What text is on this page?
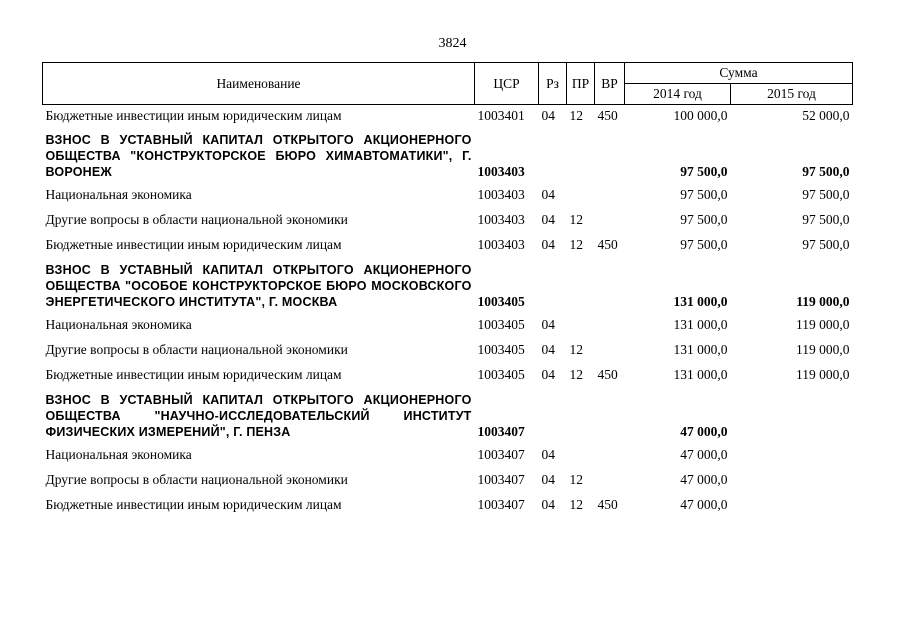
3824
Наименование	ЦСР	Рз	ПР	ВР	Сумма	
					2014 год	2015 год
Бюджетные инвестиции иным юридическим лицам	1003401	04	12	450	100 000,0	52 000,0
ВЗНОС В УСТАВНЫЙ КАПИТАЛ ОТКРЫТОГО АКЦИОНЕРНОГО ОБЩЕСТВА "КОНСТРУКТОРСКОЕ БЮРО ХИМАВТОМАТИКИ", Г. ВОРОНЕЖ	1003403				97 500,0	97 500,0
Национальная экономика	1003403	04			97 500,0	97 500,0
Другие вопросы в области национальной экономики	1003403	04	12		97 500,0	97 500,0
Бюджетные инвестиции иным юридическим лицам	1003403	04	12	450	97 500,0	97 500,0
ВЗНОС В УСТАВНЫЙ КАПИТАЛ ОТКРЫТОГО АКЦИОНЕРНОГО ОБЩЕСТВА "ОСОБОЕ КОНСТРУКТОРСКОЕ БЮРО МОСКОВСКОГО ЭНЕРГЕТИЧЕСКОГО ИНСТИТУТА", Г. МОСКВА	1003405				131 000,0	119 000,0
Национальная экономика	1003405	04			131 000,0	119 000,0
Другие вопросы в области национальной экономики	1003405	04	12		131 000,0	119 000,0
Бюджетные инвестиции иным юридическим лицам	1003405	04	12	450	131 000,0	119 000,0
ВЗНОС В УСТАВНЫЙ КАПИТАЛ ОТКРЫТОГО АКЦИОНЕРНОГО ОБЩЕСТВА "НАУЧНО-ИССЛЕДОВАТЕЛЬСКИЙ ИНСТИТУТ ФИЗИЧЕСКИХ ИЗМЕРЕНИЙ", Г. ПЕНЗА	1003407				47 000,0	
Национальная экономика	1003407	04			47 000,0	
Другие вопросы в области национальной экономики	1003407	04	12		47 000,0	
Бюджетные инвестиции иным юридическим лицам	1003407	04	12	450	47 000,0	
